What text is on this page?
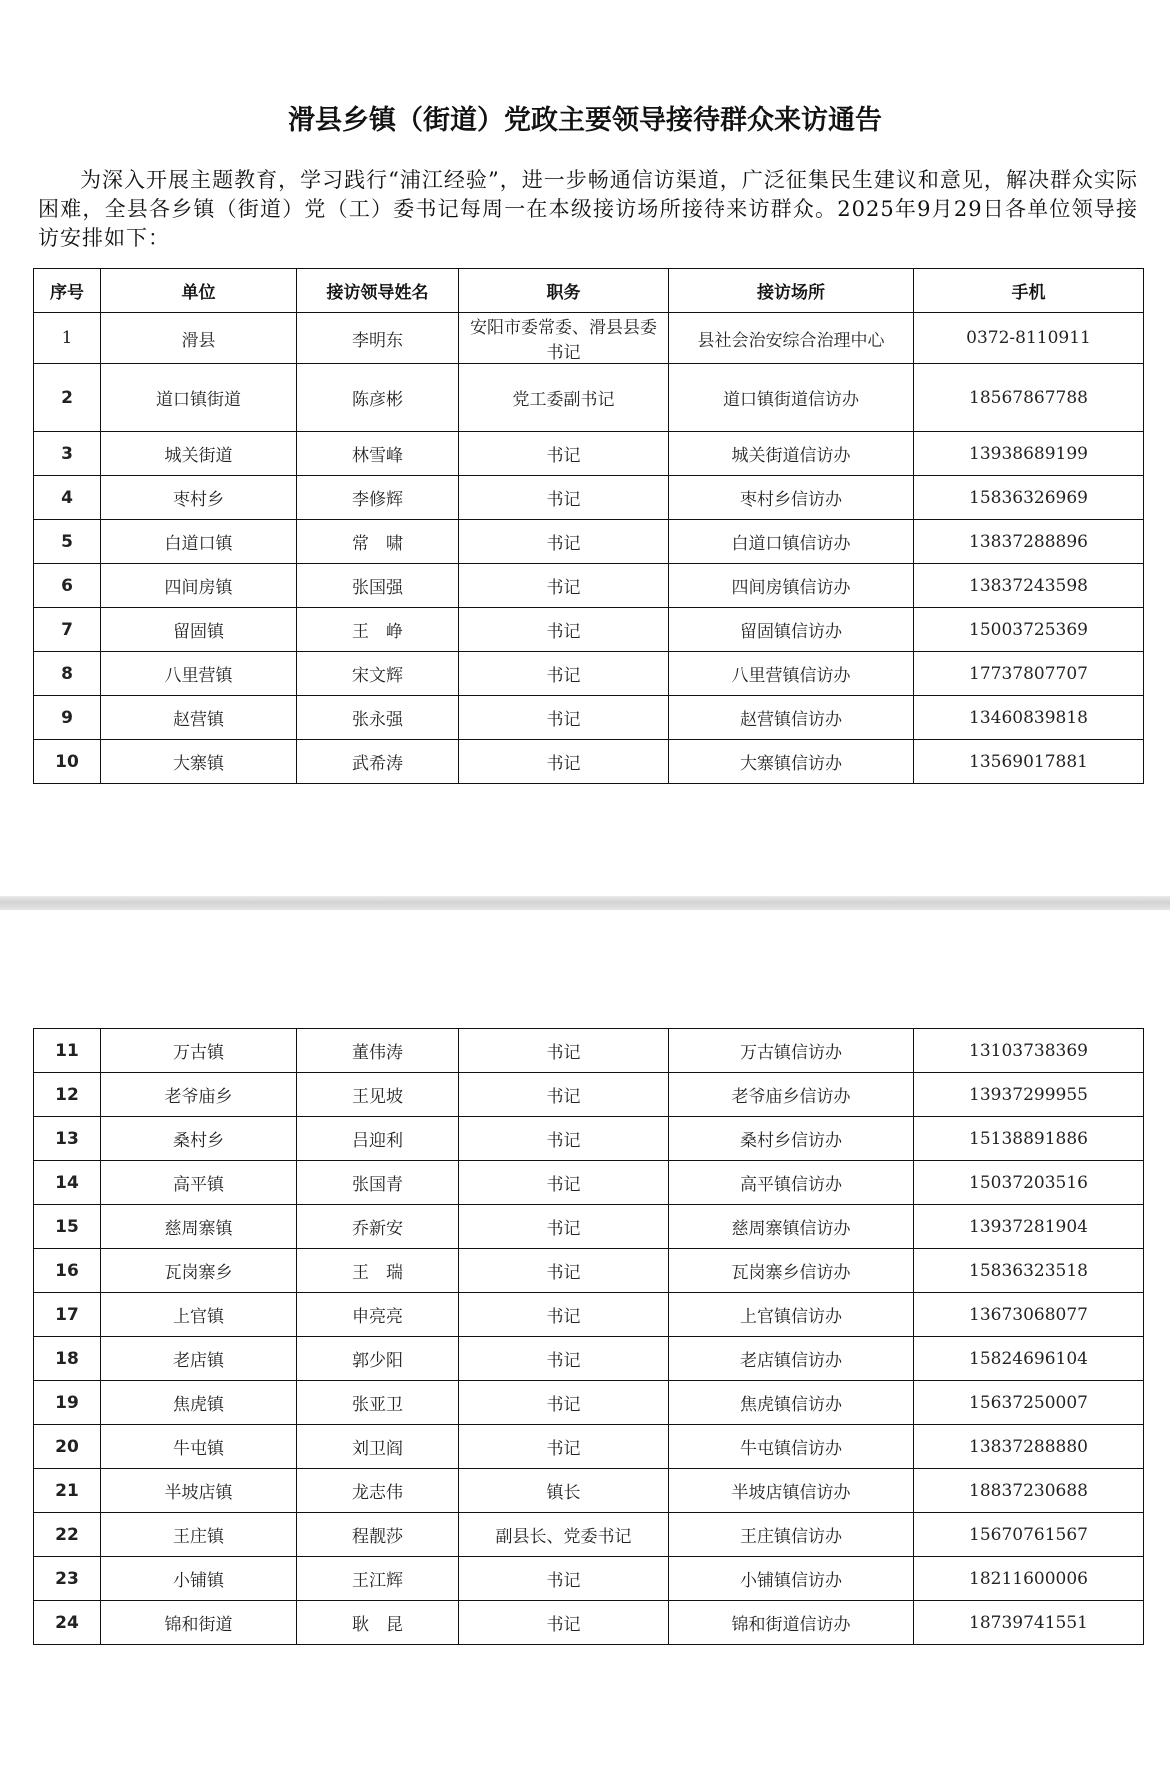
滑县乡镇（街道）党政主要领导接待群众来访通告

为深入开展主题教育，学习践行“浦江经验”，进一步畅通信访渠道，广泛征集民生建议和意见，解决群众实际困难，全县各乡镇（街道）党（工）委书记每周一在本级接访场所接待来访群众。2025年9月29日各单位领导接访安排如下：

序号	单位	接访领导姓名	职务	接访场所	手机
1	滑县	李明东	安阳市委常委、滑县县委书记	县社会治安综合治理中心	0372-8110911
2	道口镇街道	陈彦彬	党工委副书记	道口镇街道信访办	18567867788
3	城关街道	林雪峰	书记	城关街道信访办	13938689199
4	枣村乡	李修辉	书记	枣村乡信访办	15836326969
5	白道口镇	常　啸	书记	白道口镇信访办	13837288896
6	四间房镇	张国强	书记	四间房镇信访办	13837243598
7	留固镇	王　峥	书记	留固镇信访办	15003725369
8	八里营镇	宋文辉	书记	八里营镇信访办	17737807707
9	赵营镇	张永强	书记	赵营镇信访办	13460839818
10	大寨镇	武希涛	书记	大寨镇信访办	13569017881
11	万古镇	董伟涛	书记	万古镇信访办	13103738369
12	老爷庙乡	王见坡	书记	老爷庙乡信访办	13937299955
13	桑村乡	吕迎利	书记	桑村乡信访办	15138891886
14	高平镇	张国青	书记	高平镇信访办	15037203516
15	慈周寨镇	乔新安	书记	慈周寨镇信访办	13937281904
16	瓦岗寨乡	王　瑞	书记	瓦岗寨乡信访办	15836323518
17	上官镇	申亮亮	书记	上官镇信访办	13673068077
18	老店镇	郭少阳	书记	老店镇信访办	15824696104
19	焦虎镇	张亚卫	书记	焦虎镇信访办	15637250007
20	牛屯镇	刘卫阎	书记	牛屯镇信访办	13837288880
21	半坡店镇	龙志伟	镇长	半坡店镇信访办	18837230688
22	王庄镇	程靓莎	副县长、党委书记	王庄镇信访办	15670761567
23	小铺镇	王江辉	书记	小铺镇信访办	18211600006
24	锦和街道	耿　昆	书记	锦和街道信访办	18739741551
